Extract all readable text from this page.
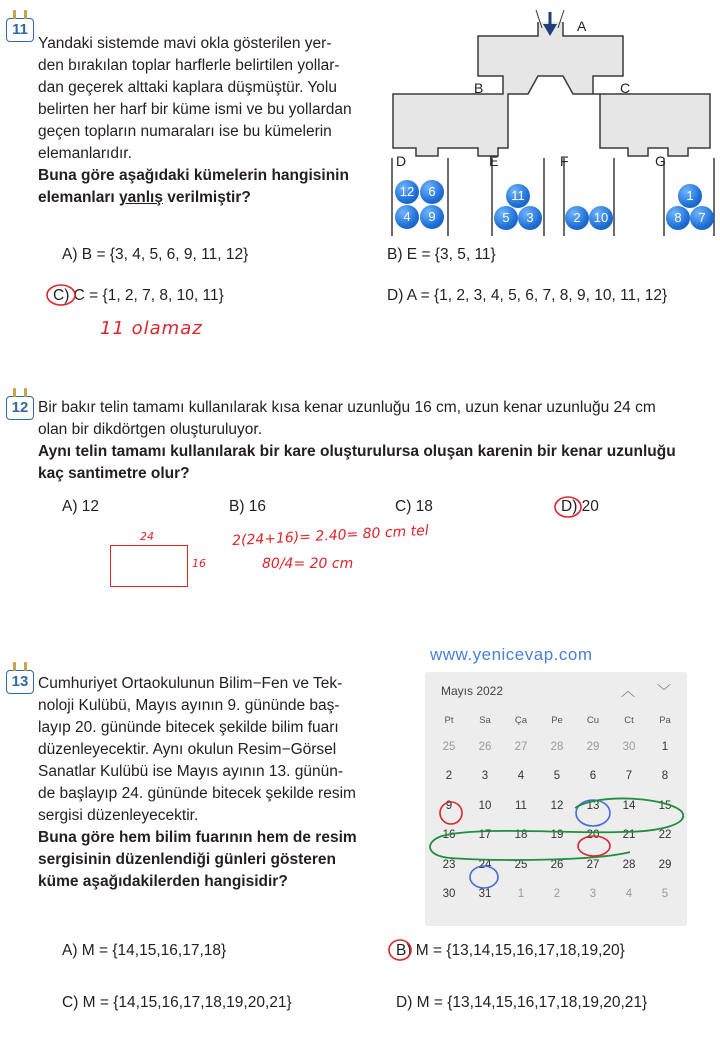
11
Yandaki sistemde mavi okla gösterilen yer-
den bırakılan toplar harflerle belirtilen yollar-
dan geçerek alttaki kaplara düşmüştür. Yolu
belirten her harf bir küme ismi ve bu yollardan
geçen topların numaraları ise bu kümelerin
elemanlarıdır.
Buna göre aşağıdaki kümelerin hangisinin
elemanları yanlış verilmiştir?
A
B	C
D	E	F	G
12	6
4	9
11
5	3	2	10
1
8	7
A) B = {3, 4, 5, 6, 9, 11, 12}	B) E = {3, 5, 11}
C) C = {1, 2, 7, 8, 10, 11}	D) A = {1, 2, 3, 4, 5, 6, 7, 8, 9, 10, 11, 12}
11 olamaz
12 Bir bakır telin tamamı kullanılarak kısa kenar uzunluğu 16 cm, uzun kenar uzunluğu 24 cm
olan bir dikdörtgen oluşturuluyor.
Aynı telin tamamı kullanılarak bir kare oluşturulursa oluşan karenin bir kenar uzunluğu
kaç santimetre olur?
A) 12	B) 16	C) 18	D) 20
24
16
2(24+16)= 2.40= 80 cm tel
80/4= 20 cm
www.yenicevap.com
13 Cumhuriyet Ortaokulunun Bilim−Fen ve Tek-
noloji Kulübü, Mayıs ayının 9. gününde baş-
layıp 20. gününde bitecek şekilde bilim fuarı
düzenleyecektir. Aynı okulun Resim−Görsel
Sanatlar Kulübü ise Mayıs ayının 13. günün-
de başlayıp 24. gününde bitecek şekilde resim
sergisi düzenleyecektir.
Buna göre hem bilim fuarının hem de resim
sergisinin düzenlendiği günleri gösteren
küme aşağıdakilerden hangisidir?
Mayıs 2022	︿ ﹀
Pt	Sa	Ça	Pe	Cu	Ct	Pa
25	26	27	28	29	30	1
2	3	4	5	6	7	8
9	10	11	12	13	14	15
16	17	18	19	20	21	22
23	24	25	26	27	28	29
30	31	1	2	3	4	5
A) M = {14,15,16,17,18}	B) M = {13,14,15,16,17,18,19,20}
C) M = {14,15,16,17,18,19,20,21}	D) M = {13,14,15,16,17,18,19,20,21}
